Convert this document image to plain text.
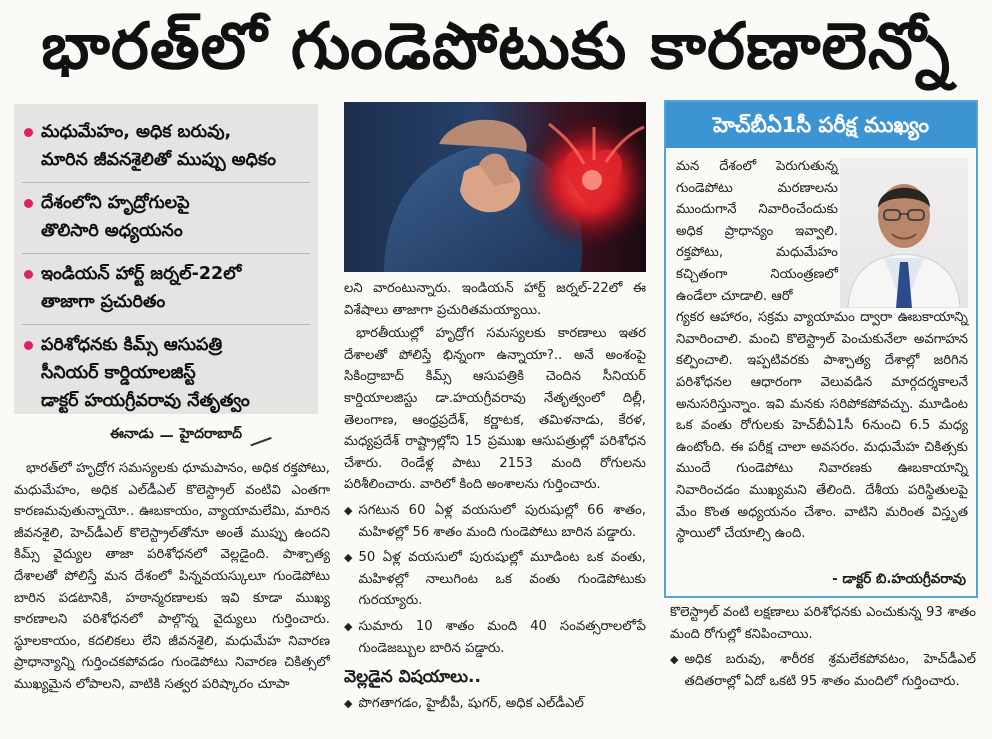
భారత్‌లో గుండెపోటుకు కారణాలెన్నో
మధుమేహం, అధిక బరువు,
మారిన జీవనశైలితో ముప్పు అధికం
దేశంలోని హృద్రోగులపై
తొలిసారి అధ్యయనం
ఇండియన్ హార్ట్ జర్నల్-22లో
తాజాగా ప్రచురితం
పరిశోధనకు కిమ్స్ ఆసుపత్రి
సీనియర్ కార్డియాలజిస్ట్
డాక్టర్ హయగ్రీవరావు నేతృత్వం
ఈనాడు — హైదరాబాద్

భారత్‌లో హృద్రోగ సమస్యలకు ధూమపానం, అధిక రక్తపోటు, మధుమేహం, అధిక ఎల్‌డీఎల్ కొలెస్ట్రాల్ వంటివి ఎంతగా కారణమవుతున్నాయో.. ఊబకాయం, వ్యాయామలేమి, మారిన జీవనశైలి, హెచ్‌డీఎల్ కొలెస్ట్రాల్‌తోనూ అంతే ముప్పు ఉందని కిమ్స్ వైద్యుల తాజా పరిశోధనలో వెల్లడైంది. పాశ్చాత్య దేశాలతో పోలిస్తే మన దేశంలో పిన్నవయస్కులూ గుండెపోటు బారిన పడటానికి, హఠాన్మరణాలకు ఇవి కూడా ముఖ్య కారణాలని పరిశోధనలో పాల్గొన్న వైద్యులు గుర్తించారు. స్థూలకాయం, కదలికలు లేని జీవనశైలి, మధుమేహ నివారణ ప్రాధాన్యాన్ని గుర్తించకపోవడం గుండెపోటు నివారణ చికిత్సలో ముఖ్యమైన లోపాలని, వాటికి సత్వర పరిష్కారం చూపా

లని వారంటున్నారు. ఇండియన్ హార్ట్ జర్నల్-22లో ఈ విశేషాలు తాజాగా ప్రచురితమయ్యాయి.

భారతీయుల్లో హృద్రోగ సమస్యలకు కారణాలు ఇతర దేశాలతో పోలిస్తే భిన్నంగా ఉన్నాయా?.. అనే అంశంపై సికింద్రాబాద్ కిమ్స్ ఆసుపత్రికి చెందిన సీనియర్ కార్డియాలజిస్టు డా.హయగ్రీవరావు నేతృత్వంలో దిల్లీ, తెలంగాణ, ఆంధ్రప్రదేశ్, కర్ణాటక, తమిళనాడు, కేరళ, మధ్యప్రదేశ్ రాష్ట్రాల్లోని 15 ప్రముఖ ఆసుపత్రుల్లో పరిశోధన చేశారు. రెండేళ్ల పాటు 2153 మంది రోగులను పరిశీలించారు. వారిలో కింది అంశాలను గుర్తించారు.

◆ సగటున 60 ఏళ్ల వయసులో పురుషుల్లో 66 శాతం, మహిళల్లో 56 శాతం మంది గుండెపోటు బారిన పడ్డారు.
◆ 50 ఏళ్ల వయసులో పురుషుల్లో మూడింట ఒక వంతు, మహిళల్లో నాలుగింట ఒక వంతు గుండెపోటుకు గురయ్యారు.
◆ సుమారు 10 శాతం మంది 40 సంవత్సరాలలోపే గుండెజబ్బుల బారిన పడ్డారు.
వెల్లడైన విషయాలు..
◆ పొగతాగడం, హైబీపీ, షుగర్, అధిక ఎల్‌డీఎల్
హెచ్‌బీఏ1సీ పరీక్ష ముఖ్యం
మన దేశంలో పెరుగుతున్న గుండెపోటు మరణాలను ముందుగానే నివారించేందుకు అధిక ప్రాధాన్యం ఇవ్వాలి. రక్తపోటు, మధుమేహం కచ్చితంగా నియంత్రణలో ఉండేలా చూడాలి. ఆరో
గ్యకర ఆహారం, సక్రమ వ్యాయామం ద్వారా ఊబకాయాన్ని నివారించాలి. మంచి కొలెస్ట్రాల్ పెంచుకునేలా అవగాహన కల్పించాలి. ఇప్పటివరకు పాశ్చాత్య దేశాల్లో జరిగిన పరిశోధనల ఆధారంగా వెలువడిన మార్గదర్శకాలనే అనుసరిస్తున్నాం. ఇవి మనకు సరిపోకపోవచ్చు. మూడింట ఒక వంతు రోగులకు హెచ్‌బీఏ1సీ 6నుంచి 6.5 మధ్య ఉంటోంది. ఈ పరీక్ష చాలా అవసరం. మధుమేహ చికిత్సకు ముందే గుండెపోటు నివారణకు ఊబకాయాన్ని నివారించడం ముఖ్యమని తేలింది. దేశీయ పరిస్థితులపై మేం కొంత అధ్యయనం చేశాం. వాటిని మరింత విస్తృత స్థాయిలో చేయాల్సి ఉంది.
- డాక్టర్ బి.హయగ్రీవరావు

కొలెస్ట్రాల్ వంటి లక్షణాలు పరిశోధనకు ఎంచుకున్న 93 శాతం మంది రోగుల్లో కనిపించాయి.

◆ అధిక బరువు, శారీరక శ్రమలేకపోవటం, హెచ్‌డీఎల్ తదితరాల్లో ఏదో ఒకటి 95 శాతం మందిలో గుర్తించారు.
